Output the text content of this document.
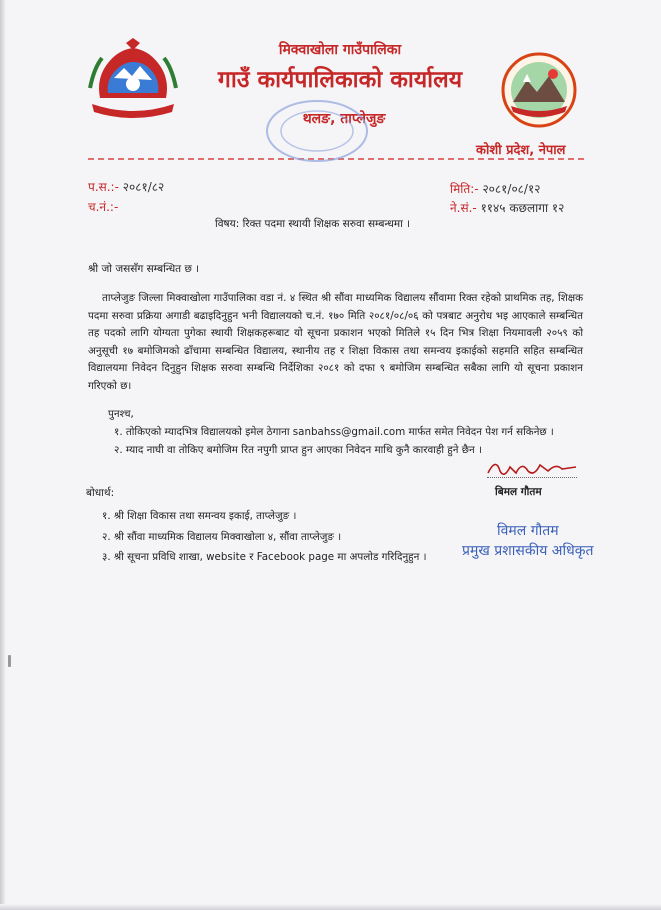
मिक्वाखोला गाउँपालिका
गाउँ कार्यपालिकाको कार्यालय
थलङ, ताप्लेजुङ
कोशी प्रदेश, नेपाल
प.स.:- २०८१/८२
च.नं.:-
मिति:- २०८१/०८/१२
ने.सं.- ११४५ कछलागा १२
विषय: रिक्त पदमा स्थायी शिक्षक सरुवा सम्बन्धमा ।
श्री जो जससँग सम्बन्धित छ ।
ताप्लेजुङ जिल्ला मिक्वाखोला गाउँपालिका वडा नं. ४ स्थित श्री सौंवा माध्यमिक विद्यालय सौंवामा रिक्त रहेको प्राथमिक तह, शिक्षक पदमा सरुवा प्रक्रिया अगाडी बढाइदिनुहुन भनी विद्यालयको च.नं. १७० मिति २०८१/०८/०६ को पत्रबाट अनुरोध भइ आएकाले सम्बन्धित तह पदको लागि योग्यता पुगेका स्थायी शिक्षकहरूबाट यो सूचना प्रकाशन भएको मितिले १५ दिन भित्र शिक्षा नियमावली २०५९ को अनुसूची १७ बमोजिमको ढाँचामा सम्बन्धित विद्यालय, स्थानीय तह र शिक्षा विकास तथा समन्वय इकाईको सहमति सहित सम्बन्धित विद्यालयमा निवेदन दिनुहुन शिक्षक सरुवा सम्बन्धि निर्देशिका २०८१ को दफा ९ बमोजिम सम्बन्धित सबैका लागि यो सूचना प्रकाशन गरिएको छ।
पुनश्च,
१. तोकिएको म्यादभित्र विद्यालयको इमेल ठेगाना sanbahss@gmail.com मार्फत समेत निवेदन पेश गर्न सकिनेछ ।
२. म्याद नाघी वा तोकिए बमोजिम रित नपुगी प्राप्त हुन आएका निवेदन माथि कुनै कारवाही हुने छैन ।
बिमल गौतम
बोधार्थ:
१. श्री शिक्षा विकास तथा समन्वय इकाई, ताप्लेजुङ ।
२. श्री सौंवा माध्यमिक विद्यालय मिक्वाखोला ४, सौंवा ताप्लेजुङ ।
३. श्री सूचना प्रविधि शाखा, website र Facebook page मा अपलोड गरिदिनुहुन ।
विमल गौतम
प्रमुख प्रशासकीय अधिकृत
